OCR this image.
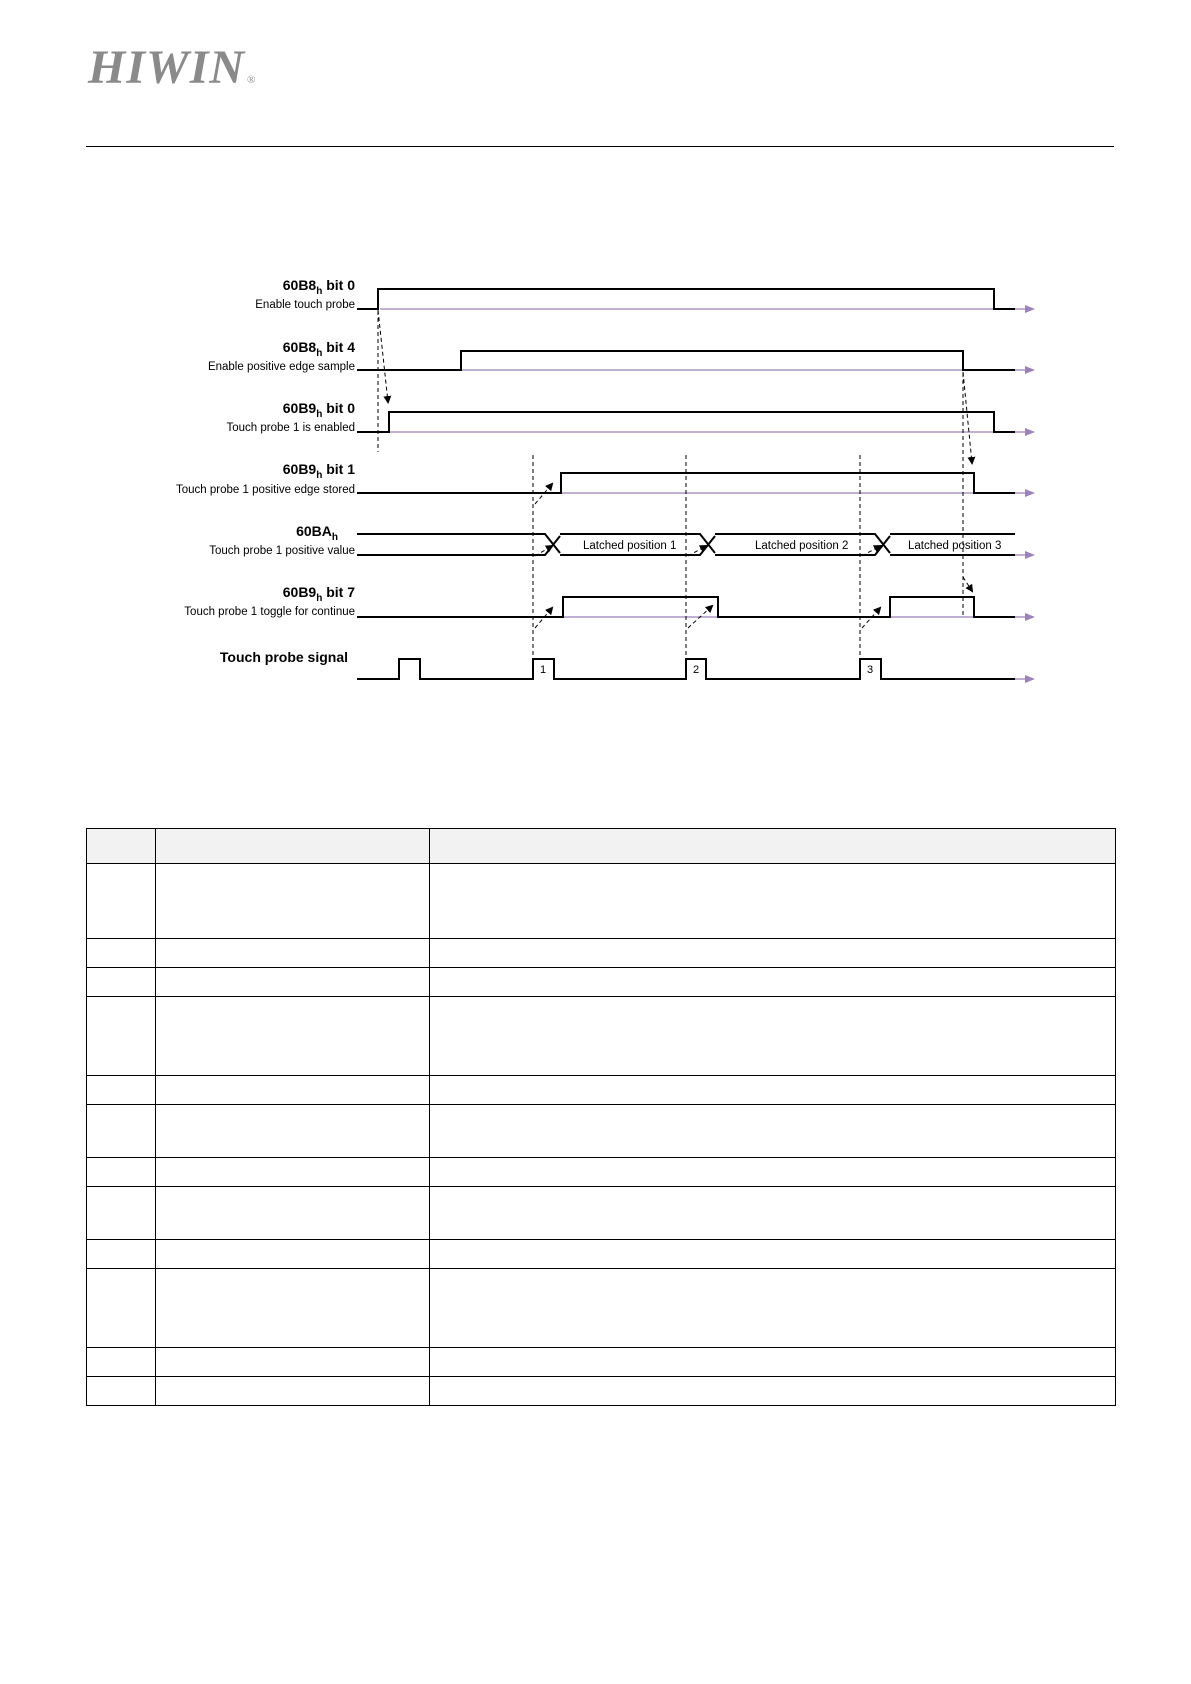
HIWIN ®
$60B8_h$ bit 0
Enable touch probe
$60B8_h$ bit 4
Enable positive edge sample
$60B9_h$ bit 0
Touch probe 1 is enabled
$60B9_h$ bit 1
Touch probe 1 positive edge stored
$60BA_h$
Touch probe 1 positive value
$60B9_h$ bit 7
Touch probe 1 toggle for continue
Touch probe signal
Latched position 1	Latched position 2	Latched position 3
1	2	3
